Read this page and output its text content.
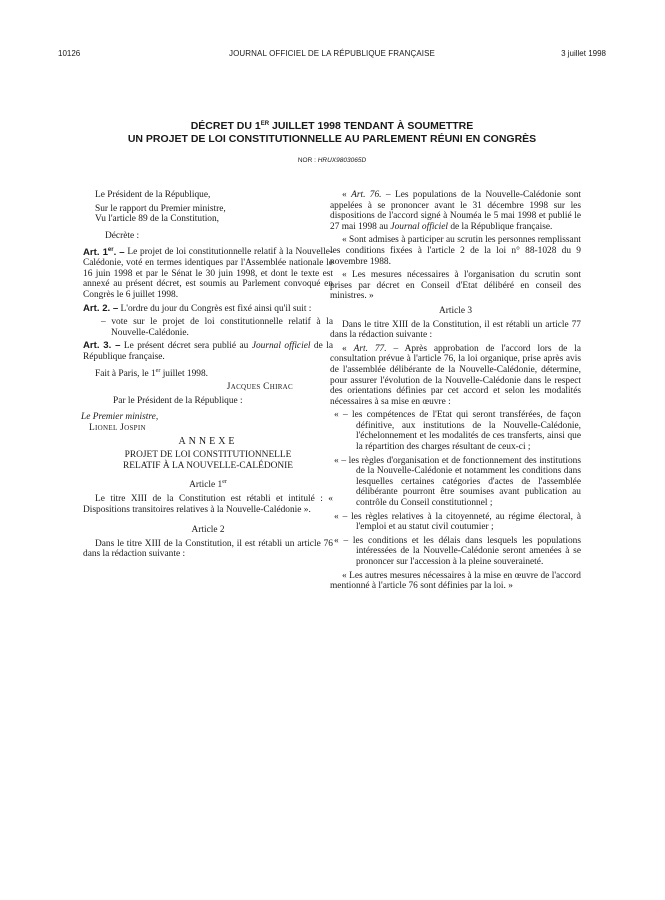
10126	JOURNAL OFFICIEL DE LA RÉPUBLIQUE FRANÇAISE	3 juillet 1998
DÉCRET DU 1ER JUILLET 1998 TENDANT À SOUMETTRE
UN PROJET DE LOI CONSTITUTIONNELLE AU PARLEMENT RÉUNI EN CONGRÈS
NOR : HRUX9803065D

Le Président de la République,

Sur le rapport du Premier ministre,

Vu l'article 89 de la Constitution,

Décrète :

Art. 1er. – Le projet de loi constitutionnelle relatif à la Nouvelle-Calédonie, voté en termes identiques par l'Assemblée nationale le 16 juin 1998 et par le Sénat le 30 juin 1998, et dont le texte est annexé au présent décret, est soumis au Parlement convoqué en Congrès le 6 juillet 1998.

Art. 2. – L'ordre du jour du Congrès est fixé ainsi qu'il suit :

– vote sur le projet de loi constitutionnelle relatif à la Nouvelle-Calédonie.

Art. 3. – Le présent décret sera publié au Journal officiel de la République française.

Fait à Paris, le 1er juillet 1998.

Jacques Chirac

Par le Président de la République :

Le Premier ministre,

Lionel Jospin

ANNEXE

PROJET DE LOI CONSTITUTIONNELLE

RELATIF À LA NOUVELLE-CALÉDONIE

Article 1er

Le titre XIII de la Constitution est rétabli et intitulé : « Dispositions transitoires relatives à la Nouvelle-Calédonie ».

Article 2

Dans le titre XIII de la Constitution, il est rétabli un article 76 dans la rédaction suivante :

« Art. 76. – Les populations de la Nouvelle-Calédonie sont appelées à se prononcer avant le 31 décembre 1998 sur les dispositions de l'accord signé à Nouméa le 5 mai 1998 et publié le 27 mai 1998 au Journal officiel de la République française.

« Sont admises à participer au scrutin les personnes remplissant les conditions fixées à l'article 2 de la loi n° 88-1028 du 9 novembre 1988.

« Les mesures nécessaires à l'organisation du scrutin sont prises par décret en Conseil d'Etat délibéré en conseil des ministres. »

Article 3

Dans le titre XIII de la Constitution, il est rétabli un article 77 dans la rédaction suivante :

« Art. 77. – Après approbation de l'accord lors de la consultation prévue à l'article 76, la loi organique, prise après avis de l'assemblée délibérante de la Nouvelle-Calédonie, détermine, pour assurer l'évolution de la Nouvelle-Calédonie dans le respect des orientations définies par cet accord et selon les modalités nécessaires à sa mise en œuvre :

« – les compétences de l'Etat qui seront transférées, de façon définitive, aux institutions de la Nouvelle-Calédonie, l'échelonnement et les modalités de ces transferts, ainsi que la répartition des charges résultant de ceux-ci ;

« – les règles d'organisation et de fonctionnement des institutions de la Nouvelle-Calédonie et notamment les conditions dans lesquelles certaines catégories d'actes de l'assemblée délibérante pourront être soumises avant publication au contrôle du Conseil constitutionnel ;

« – les règles relatives à la citoyenneté, au régime électoral, à l'emploi et au statut civil coutumier ;

« – les conditions et les délais dans lesquels les populations intéressées de la Nouvelle-Calédonie seront amenées à se prononcer sur l'accession à la pleine souveraineté.

« Les autres mesures nécessaires à la mise en œuvre de l'accord mentionné à l'article 76 sont définies par la loi. »
